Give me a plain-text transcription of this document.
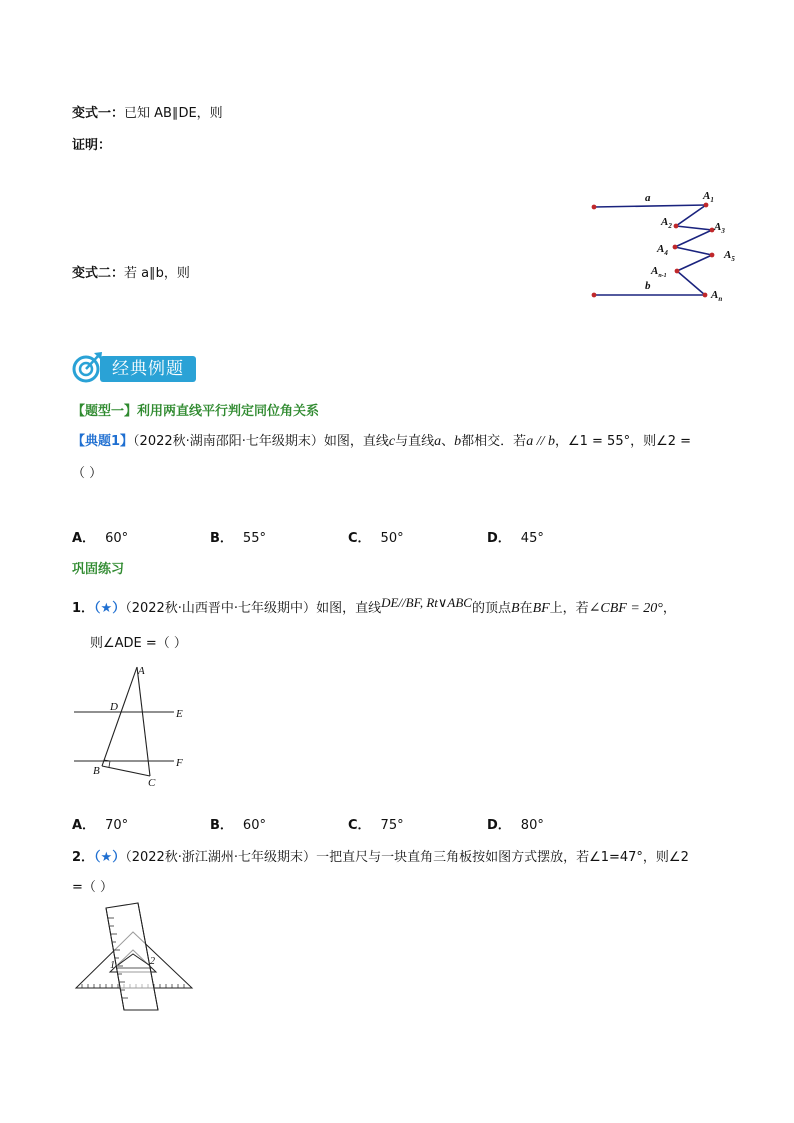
变式一：已知 AB∥DE，则
证明：
变式二：若 a∥b，则
a
b
$A_1$
$A_2$	$A_3$
$A_4$	$A_5$
$A_{n-1}$
$A_n$
经典例题
【题型一】利用两直线平行判定同位角关系
【典题1】（2022秋·湖南邵阳·七年级期末）如图，直线c与直线a、b都相交．若a // b，∠1 = 55°，则∠2 =
（ ）
A． 60°	B． 55°	C． 50°	D． 45°
巩固练习
1．（★）（2022秋·山西晋中·七年级期中）如图，直线DE//BF, Rt∨ABC的顶点B在BF上，若∠CBF = 20°，
则∠ADE =（ ）
A
D
E
F
B
C
A． 70°	B． 60°	C． 75°	D． 80°
2．（★）（2022秋·浙江湖州·七年级期末）一把直尺与一块直角三角板按如图方式摆放，若∠1=47°，则∠2
=（ ）
1	2
